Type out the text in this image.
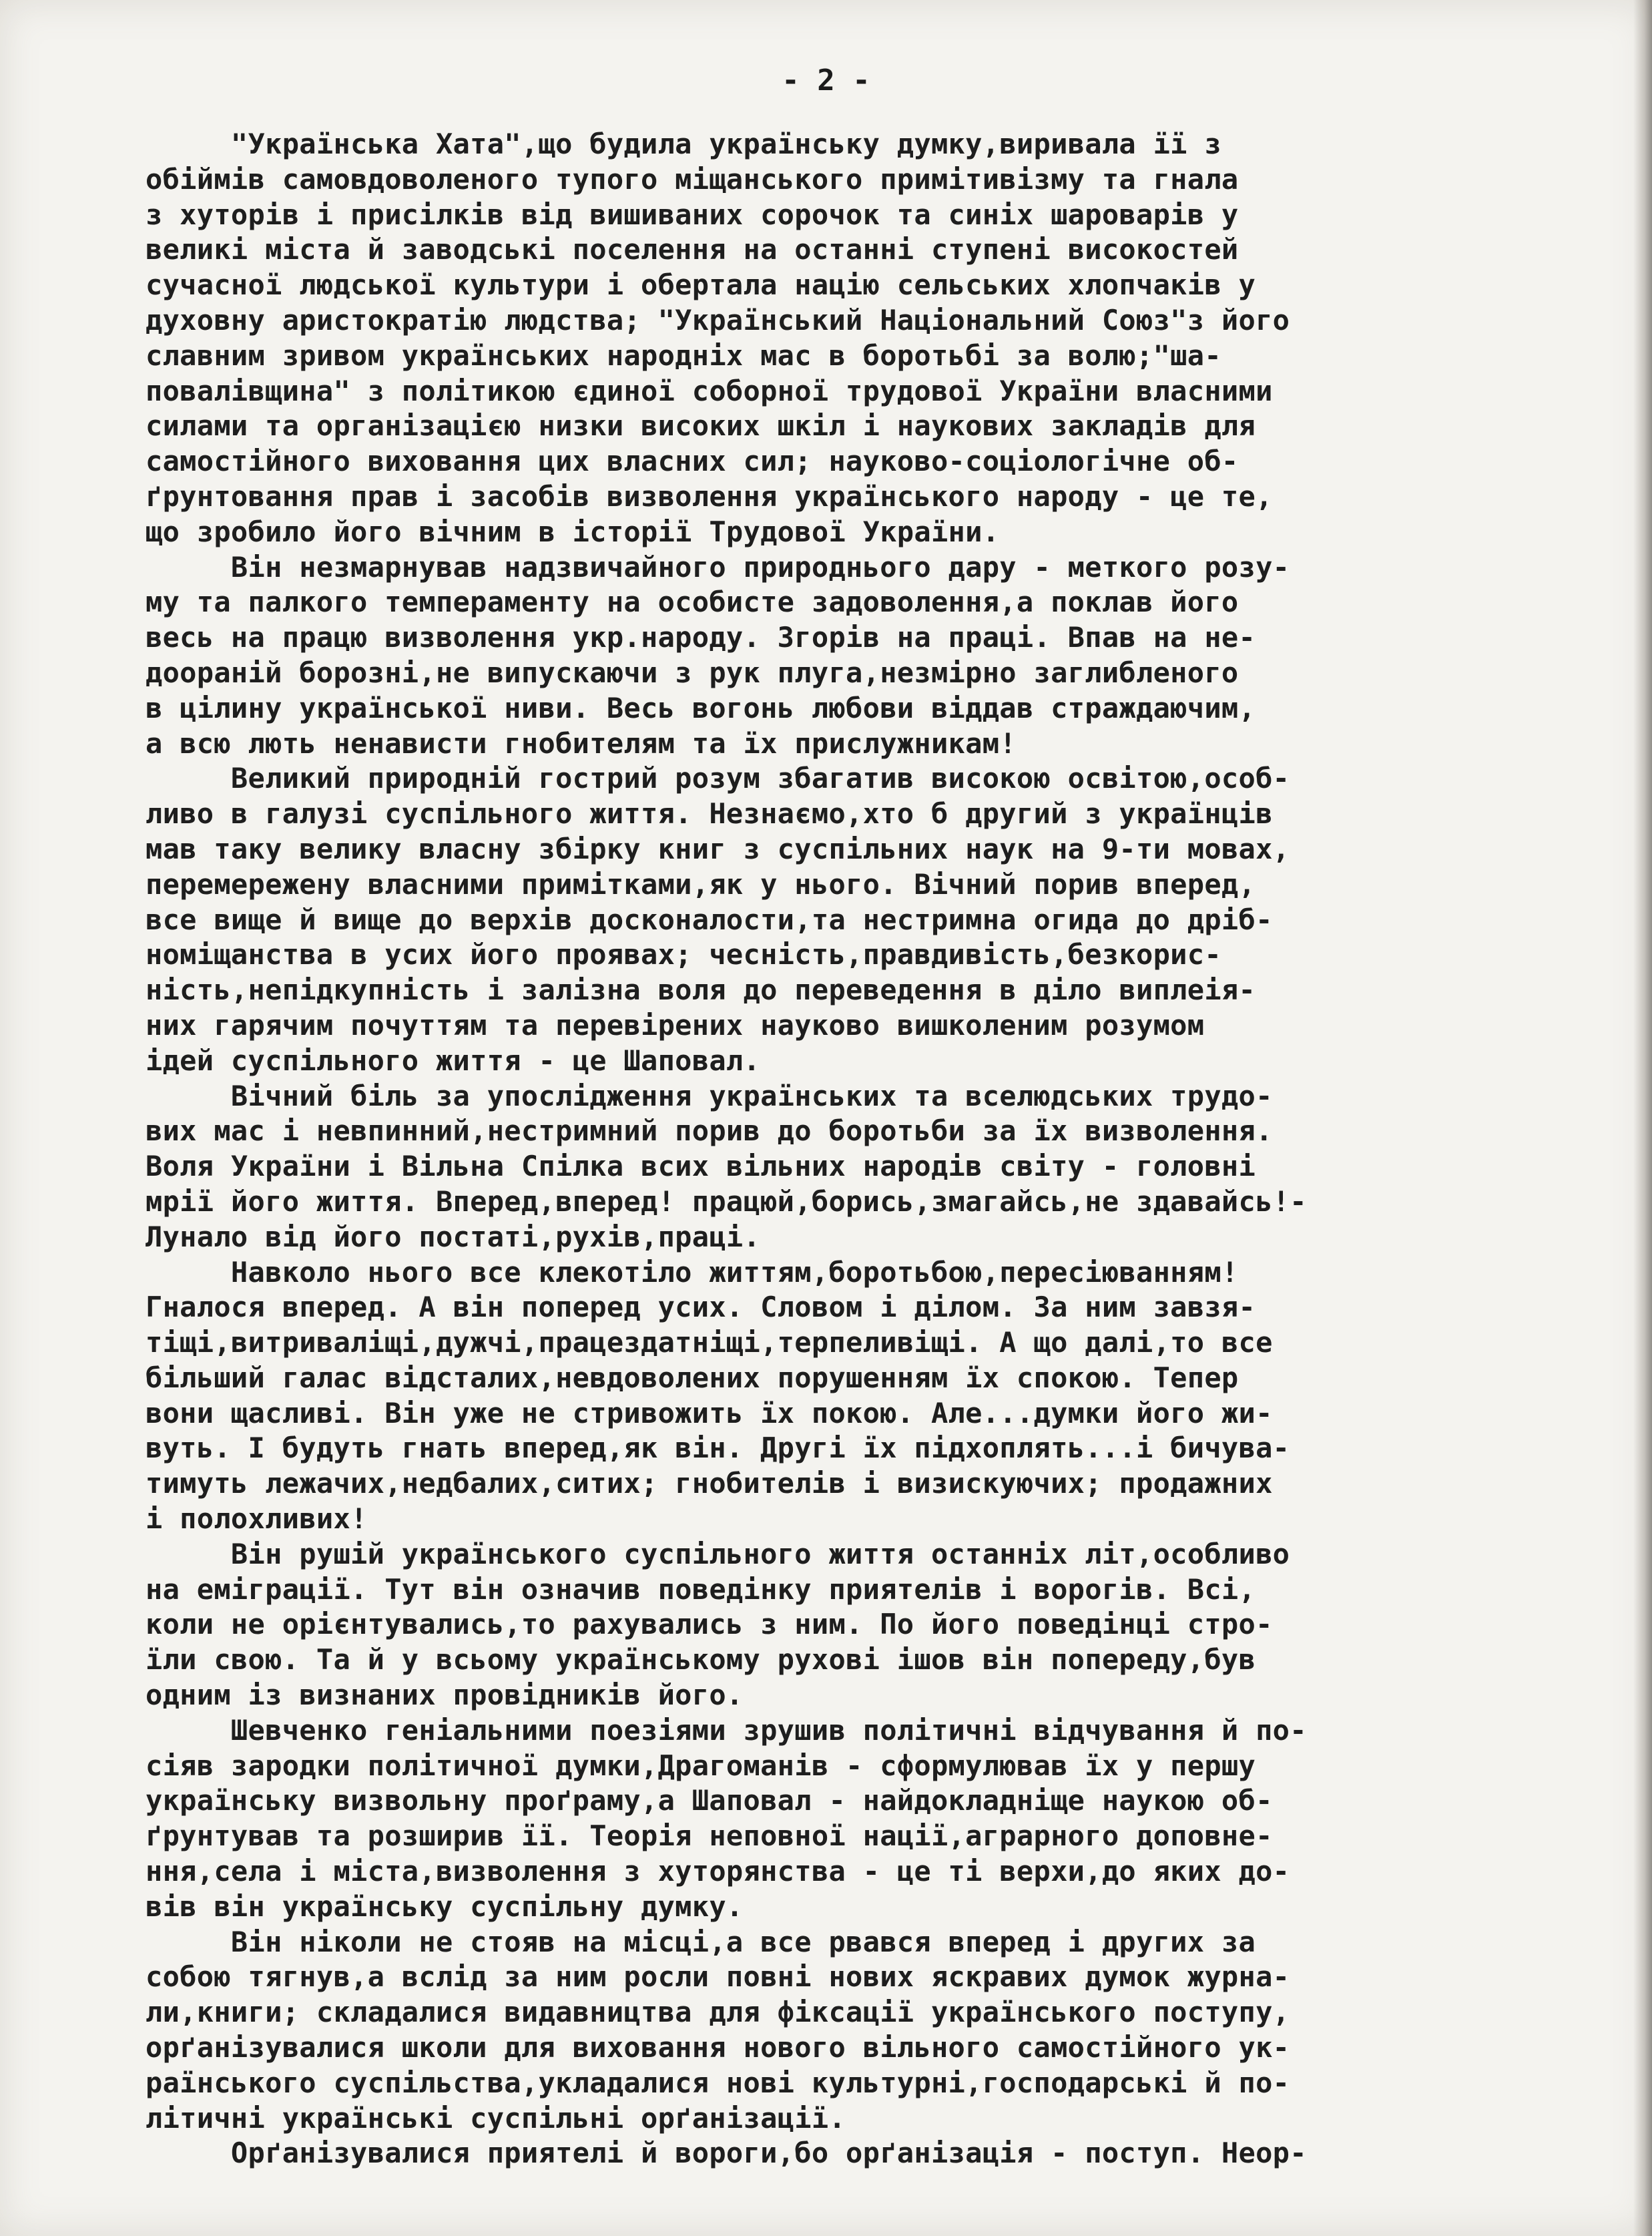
- 2 -
"Українська Хата",що будила українську думку,виривала її з
обіймів самовдоволеного тупого міщанського примітивізму та гнала
з хуторів і присілків від вишиваних сорочок та синіх шароварів у
великі міста й заводські поселення на останні ступені високостей
сучасної людської культури і обертала націю сельських хлопчаків у
духовну аристократію людства; "Український Національний Союз"з його
славним зривом українських народніх мас в боротьбі за волю;"ша-
повалівщина" з політикою єдиної соборної трудової України власними
силами та організацією низки високих шкіл і наукових закладів для
самостійного виховання цих власних сил; науково-соціологічне об-
ґрунтовання прав і засобів визволення українського народу - це те,
що зробило його вічним в історії Трудової України.
Він незмарнував надзвичайного природнього дару - меткого розу-
му та палкого темпераменту на особисте задоволення,а поклав його
весь на працю визволення укр.народу. Згорів на праці. Впав на не-
доораній борозні,не випускаючи з рук плуга,незмірно заглибленого
в цілину української ниви. Весь вогонь любови віддав страждаючим,
а всю лють ненависти гнобителям та їх прислужникам!
Великий природній гострий розум збагатив високою освітою,особ-
ливо в галузі суспільного життя. Незнаємо,хто б другий з українців
мав таку велику власну збірку книг з суспільних наук на 9-ти мовах,
перемережену власними примітками,як у нього. Вічний порив вперед,
все вище й вище до верхів досконалости,та нестримна огида до дріб-
номіщанства в усих його проявах; чесність,правдивість,безкорис-
ність,непідкупність і залізна воля до переведення в діло виплеія-
них гарячим почуттям та перевірених науково вишколеним розумом
ідей суспільного життя - це Шаповал.
Вічний біль за упослідження українських та вселюдських трудо-
вих мас і невпинний,нестримний порив до боротьби за їх визволення.
Воля України і Вільна Спілка всих вільних народів світу - головні
мрії його життя. Вперед,вперед! працюй,борись,змагайсь,не здавайсь!-
Лунало від його постаті,рухів,праці.
Навколо нього все клекотіло життям,боротьбою,пересіюванням!
Гналося вперед. А він поперед усих. Словом і ділом. За ним завзя-
тіщі,витриваліщі,дужчі,працездатніщі,терпеливіщі. А що далі,то все
більший галас відсталих,невдоволених порушенням їх спокою. Тепер
вони щасливі. Він уже не стривожить їх покою. Але...думки його жи-
вуть. І будуть гнать вперед,як він. Другі їх підхоплять...і бичува-
тимуть лежачих,недбалих,ситих; гнобителів і визискуючих; продажних
і полохливих!
Він рушій українського суспільного життя останніх літ,особливо
на еміграції. Тут він означив поведінку приятелів і ворогів. Всі,
коли не орієнтувались,то рахувались з ним. По його поведінці стро-
їли свою. Та й у всьому українському рухові ішов він попереду,був
одним із визнаних провідників його.
Шевченко геніальними поезіями зрушив політичні відчування й по-
сіяв зародки політичної думки,Драгоманів - сформулював їх у першу
українську визвольну проґраму,а Шаповал - найдокладніще наукою об-
ґрунтував та розширив її. Теорія неповної нації,аграрного доповне-
ння,села і міста,визволення з хуторянства - це ті верхи,до яких до-
вів він українську суспільну думку.
Він ніколи не стояв на місці,а все рвався вперед і других за
собою тягнув,а вслід за ним росли повні нових яскравих думок журна-
ли,книги; складалися видавництва для фіксації українського поступу,
орґанізувалися школи для виховання нового вільного самостійного ук-
раїнського суспільства,укладалися нові культурні,господарські й по-
літичні українські суспільні орґанізації.
Орґанізувалися приятелі й вороги,бо орґанізація - поступ. Неор-
